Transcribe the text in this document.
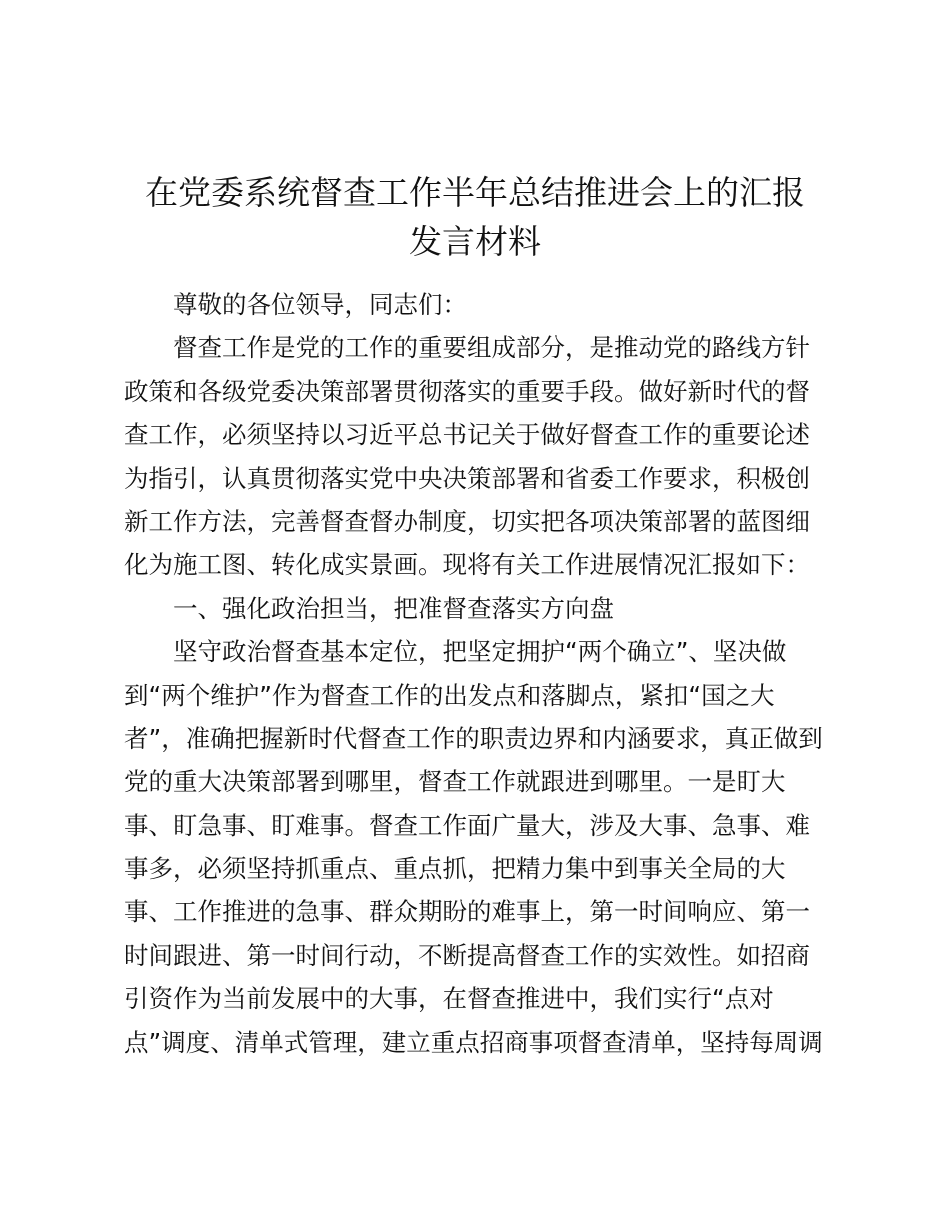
在党委系统督查工作半年总结推进会上的汇报
发言材料
尊敬的各位领导，同志们：
督查工作是党的工作的重要组成部分，是推动党的路线方针
政策和各级党委决策部署贯彻落实的重要手段。做好新时代的督
查工作，必须坚持以习近平总书记关于做好督查工作的重要论述
为指引，认真贯彻落实党中央决策部署和省委工作要求，积极创
新工作方法，完善督查督办制度，切实把各项决策部署的蓝图细
化为施工图、转化成实景画。现将有关工作进展情况汇报如下：
一、强化政治担当，把准督查落实方向盘
坚守政治督查基本定位，把坚定拥护“两个确立”、坚决做
到“两个维护”作为督查工作的出发点和落脚点，紧扣“国之大
者”，准确把握新时代督查工作的职责边界和内涵要求，真正做到
党的重大决策部署到哪里，督查工作就跟进到哪里。一是盯大
事、盯急事、盯难事。督查工作面广量大，涉及大事、急事、难
事多，必须坚持抓重点、重点抓，把精力集中到事关全局的大
事、工作推进的急事、群众期盼的难事上，第一时间响应、第一
时间跟进、第一时间行动，不断提高督查工作的实效性。如招商
引资作为当前发展中的大事，在督查推进中，我们实行“点对
点”调度、清单式管理，建立重点招商事项督查清单，坚持每周调
